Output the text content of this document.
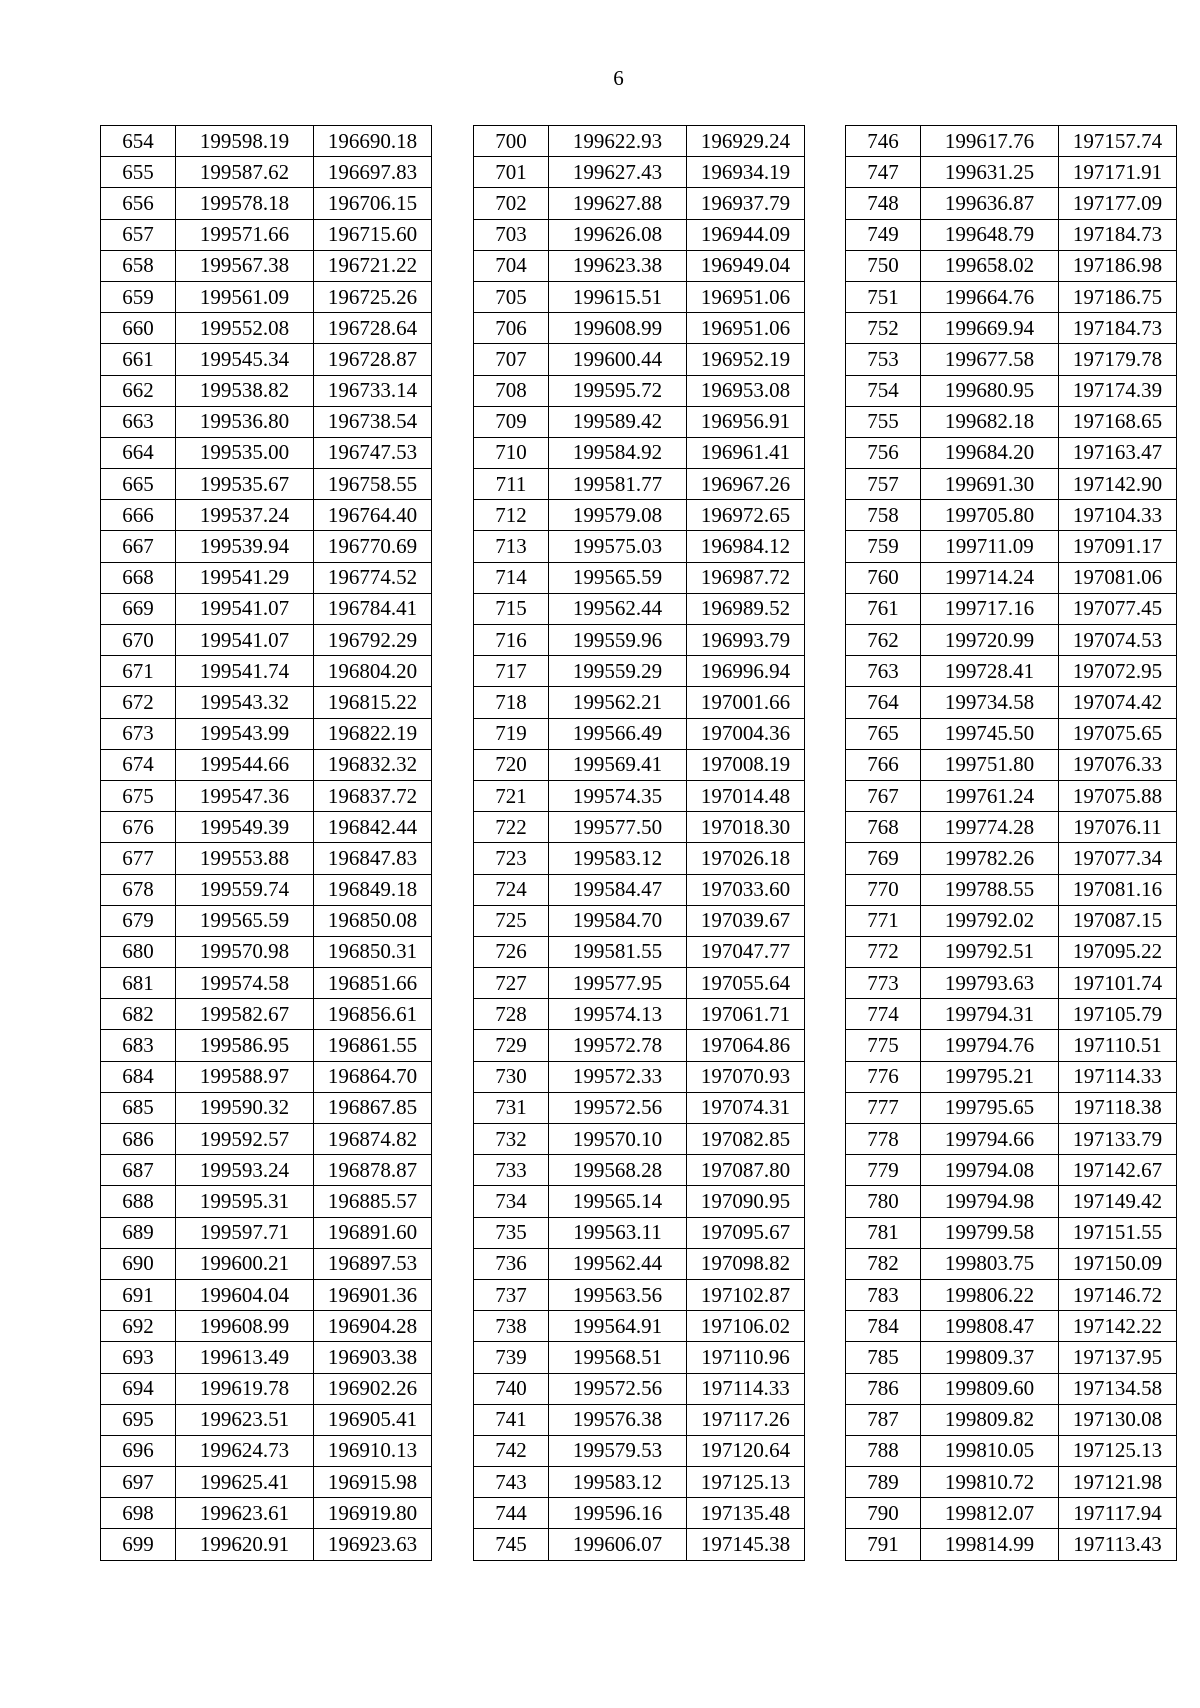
6
654	199598.19	196690.18
655	199587.62	196697.83
656	199578.18	196706.15
657	199571.66	196715.60
658	199567.38	196721.22
659	199561.09	196725.26
660	199552.08	196728.64
661	199545.34	196728.87
662	199538.82	196733.14
663	199536.80	196738.54
664	199535.00	196747.53
665	199535.67	196758.55
666	199537.24	196764.40
667	199539.94	196770.69
668	199541.29	196774.52
669	199541.07	196784.41
670	199541.07	196792.29
671	199541.74	196804.20
672	199543.32	196815.22
673	199543.99	196822.19
674	199544.66	196832.32
675	199547.36	196837.72
676	199549.39	196842.44
677	199553.88	196847.83
678	199559.74	196849.18
679	199565.59	196850.08
680	199570.98	196850.31
681	199574.58	196851.66
682	199582.67	196856.61
683	199586.95	196861.55
684	199588.97	196864.70
685	199590.32	196867.85
686	199592.57	196874.82
687	199593.24	196878.87
688	199595.31	196885.57
689	199597.71	196891.60
690	199600.21	196897.53
691	199604.04	196901.36
692	199608.99	196904.28
693	199613.49	196903.38
694	199619.78	196902.26
695	199623.51	196905.41
696	199624.73	196910.13
697	199625.41	196915.98
698	199623.61	196919.80
699	199620.91	196923.63
700	199622.93	196929.24
701	199627.43	196934.19
702	199627.88	196937.79
703	199626.08	196944.09
704	199623.38	196949.04
705	199615.51	196951.06
706	199608.99	196951.06
707	199600.44	196952.19
708	199595.72	196953.08
709	199589.42	196956.91
710	199584.92	196961.41
711	199581.77	196967.26
712	199579.08	196972.65
713	199575.03	196984.12
714	199565.59	196987.72
715	199562.44	196989.52
716	199559.96	196993.79
717	199559.29	196996.94
718	199562.21	197001.66
719	199566.49	197004.36
720	199569.41	197008.19
721	199574.35	197014.48
722	199577.50	197018.30
723	199583.12	197026.18
724	199584.47	197033.60
725	199584.70	197039.67
726	199581.55	197047.77
727	199577.95	197055.64
728	199574.13	197061.71
729	199572.78	197064.86
730	199572.33	197070.93
731	199572.56	197074.31
732	199570.10	197082.85
733	199568.28	197087.80
734	199565.14	197090.95
735	199563.11	197095.67
736	199562.44	197098.82
737	199563.56	197102.87
738	199564.91	197106.02
739	199568.51	197110.96
740	199572.56	197114.33
741	199576.38	197117.26
742	199579.53	197120.64
743	199583.12	197125.13
744	199596.16	197135.48
745	199606.07	197145.38
746	199617.76	197157.74
747	199631.25	197171.91
748	199636.87	197177.09
749	199648.79	197184.73
750	199658.02	197186.98
751	199664.76	197186.75
752	199669.94	197184.73
753	199677.58	197179.78
754	199680.95	197174.39
755	199682.18	197168.65
756	199684.20	197163.47
757	199691.30	197142.90
758	199705.80	197104.33
759	199711.09	197091.17
760	199714.24	197081.06
761	199717.16	197077.45
762	199720.99	197074.53
763	199728.41	197072.95
764	199734.58	197074.42
765	199745.50	197075.65
766	199751.80	197076.33
767	199761.24	197075.88
768	199774.28	197076.11
769	199782.26	197077.34
770	199788.55	197081.16
771	199792.02	197087.15
772	199792.51	197095.22
773	199793.63	197101.74
774	199794.31	197105.79
775	199794.76	197110.51
776	199795.21	197114.33
777	199795.65	197118.38
778	199794.66	197133.79
779	199794.08	197142.67
780	199794.98	197149.42
781	199799.58	197151.55
782	199803.75	197150.09
783	199806.22	197146.72
784	199808.47	197142.22
785	199809.37	197137.95
786	199809.60	197134.58
787	199809.82	197130.08
788	199810.05	197125.13
789	199810.72	197121.98
790	199812.07	197117.94
791	199814.99	197113.43
